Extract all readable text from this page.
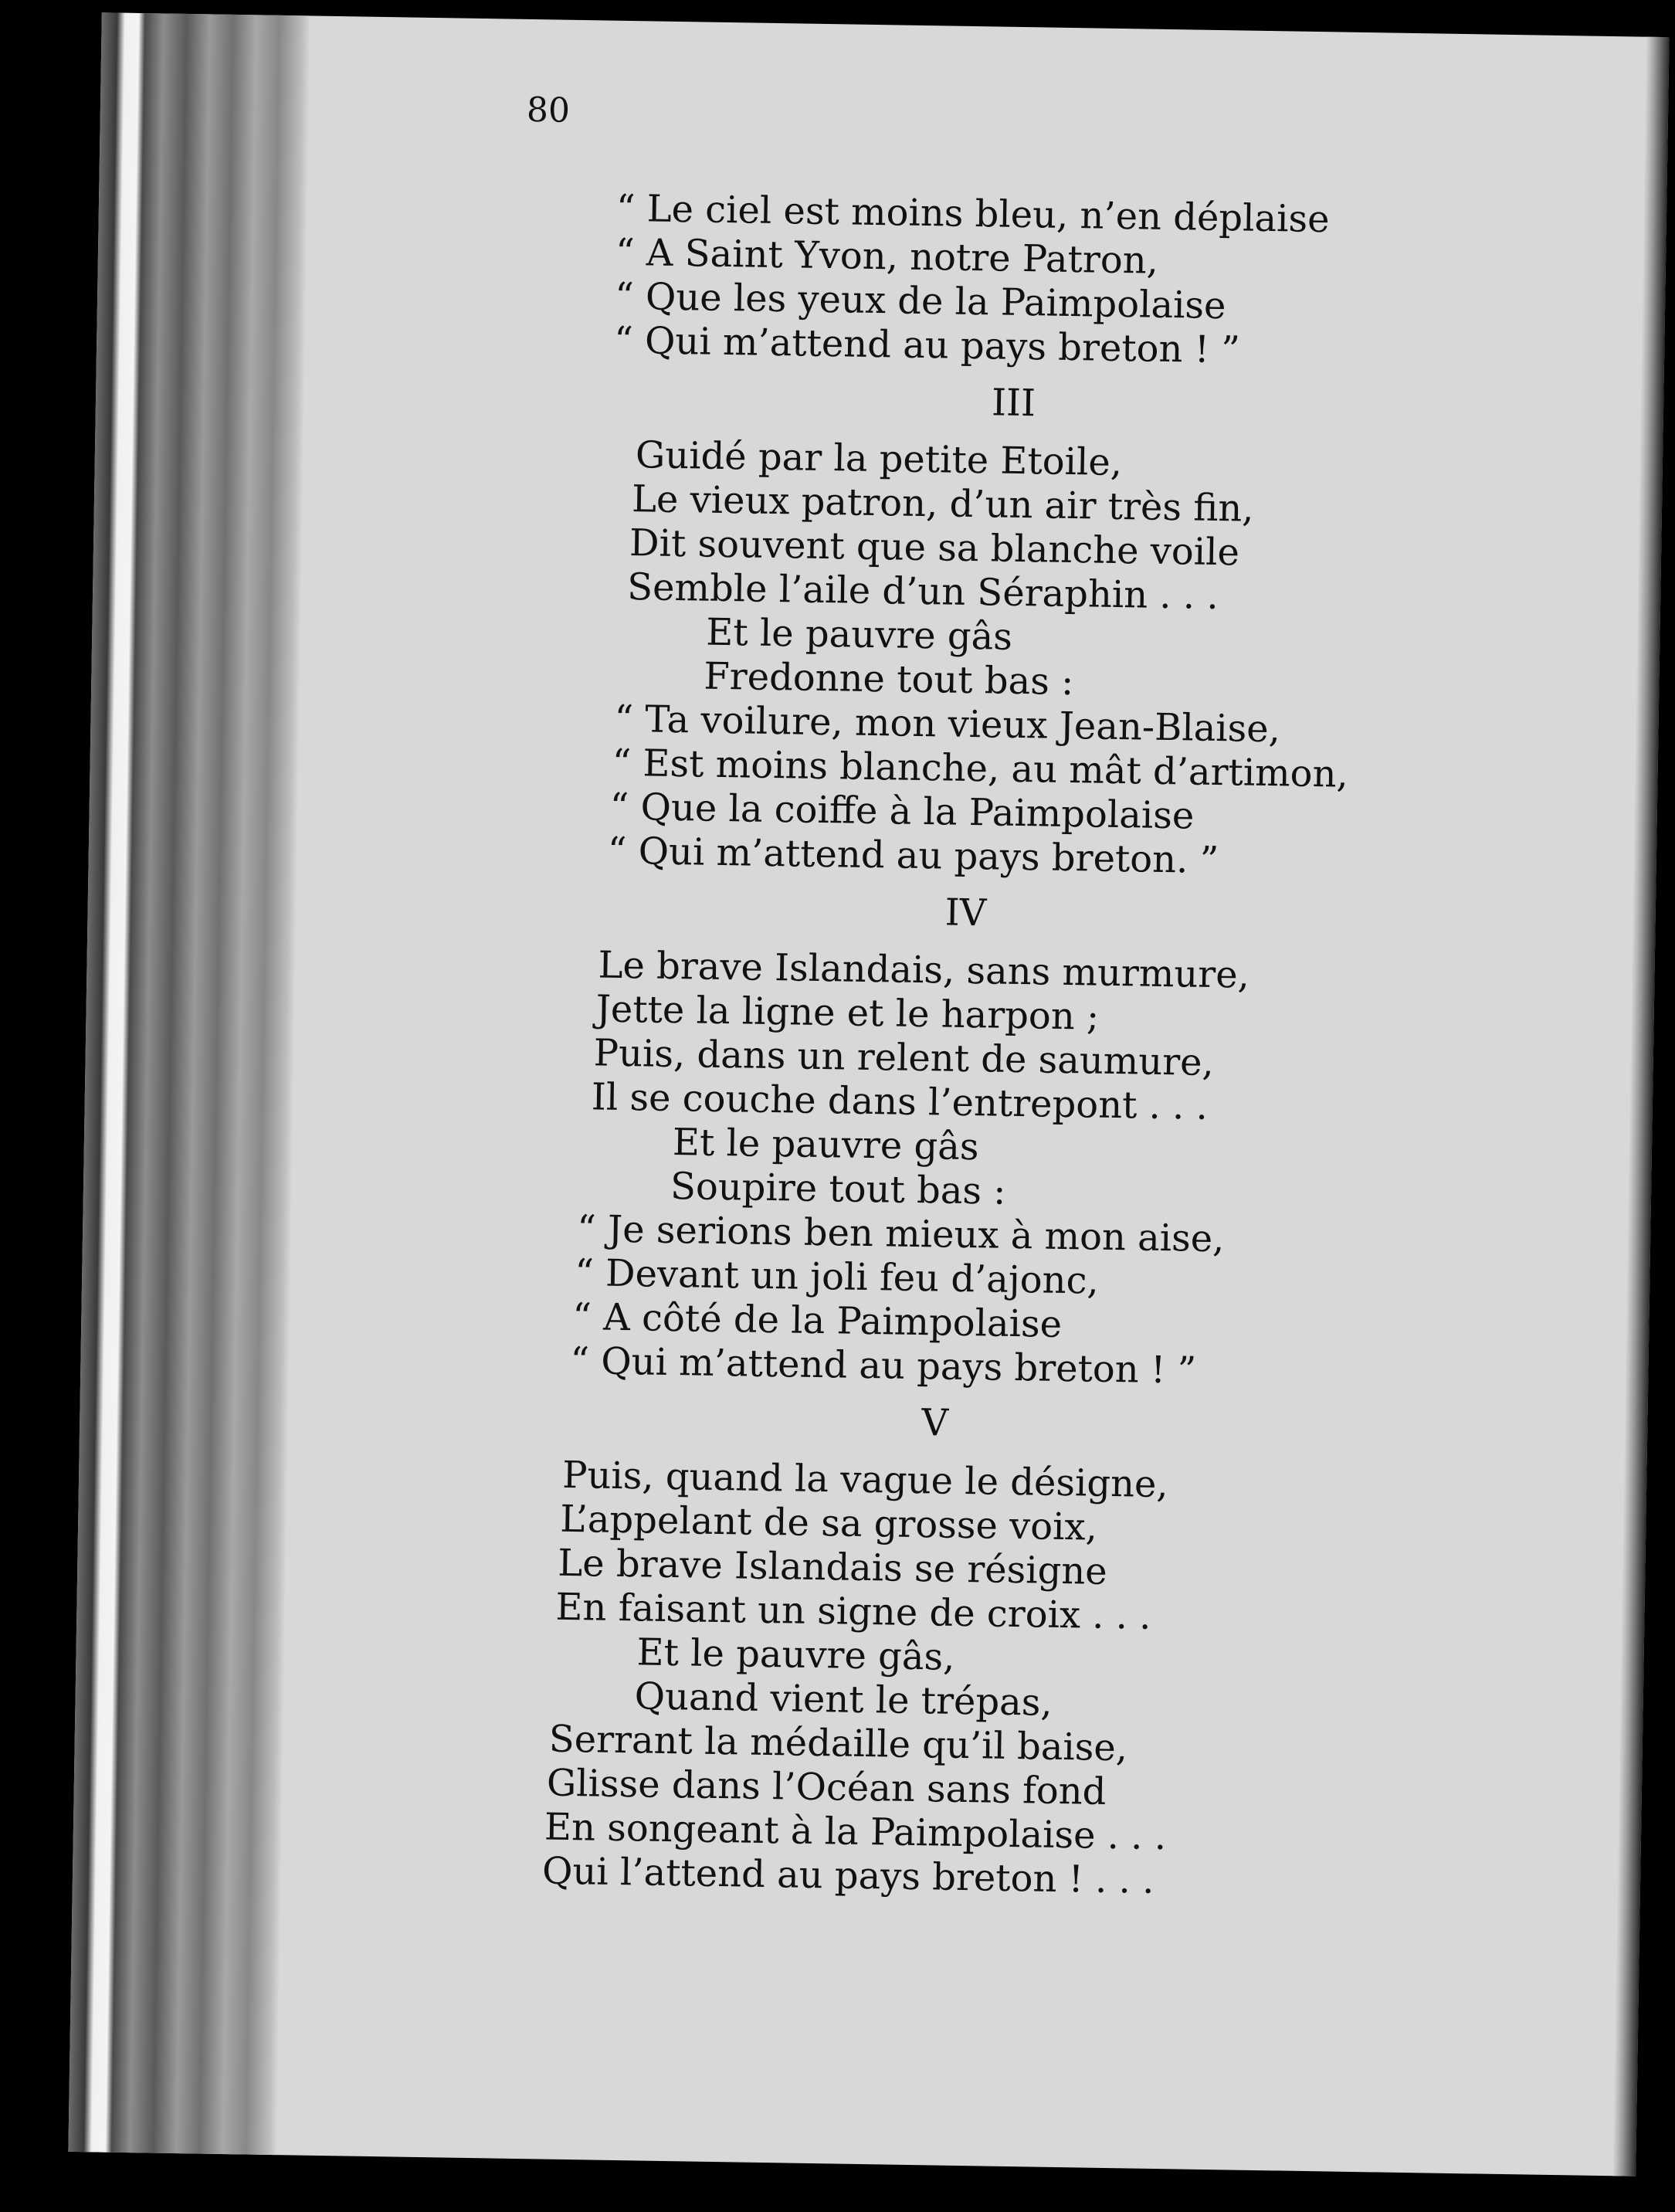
80
“ Le ciel est moins bleu, n’en déplaise
“ A Saint Yvon, notre Patron,
“ Que les yeux de la Paimpolaise
“ Qui m’attend au pays breton ! ”
III
Guidé par la petite Etoile,
Le vieux patron, d’un air très fin,
Dit souvent que sa blanche voile
Semble l’aile d’un Séraphin . . .
Et le pauvre gâs
Fredonne tout bas :
“ Ta voilure, mon vieux Jean-Blaise,
“ Est moins blanche, au mât d’artimon,
“ Que la coiffe à la Paimpolaise
“ Qui m’attend au pays breton. ”
IV
Le brave Islandais, sans murmure,
Jette la ligne et le harpon ;
Puis, dans un relent de saumure,
Il se couche dans l’entrepont . . .
Et le pauvre gâs
Soupire tout bas :
“ Je serions ben mieux à mon aise,
“ Devant un joli feu d’ajonc,
“ A côté de la Paimpolaise
“ Qui m’attend au pays breton ! ”
V
Puis, quand la vague le désigne,
L’appelant de sa grosse voix,
Le brave Islandais se résigne
En faisant un signe de croix . . .
Et le pauvre gâs,
Quand vient le trépas,
Serrant la médaille qu’il baise,
Glisse dans l’Océan sans fond
En songeant à la Paimpolaise . . .
Qui l’attend au pays breton ! . . .
